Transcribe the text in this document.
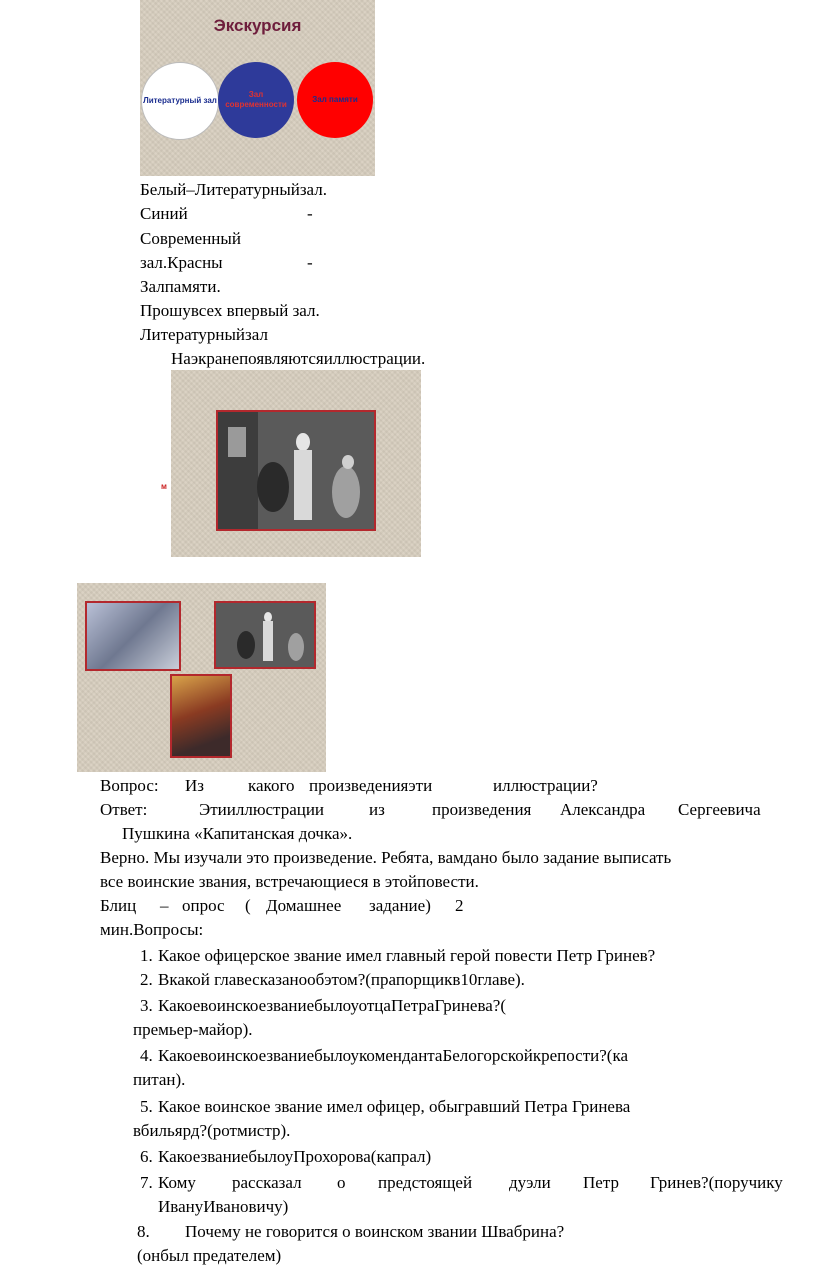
Экскурсия
Литературный зал
Зал современности
Зал памяти
Белый–Литературныйзал.
Синий	-
Современный
зал.Красны	-
Залпамяти.
Прошувсех впервый зал.
Литературныйзал
Наэкранепоявляютсяиллюстрации.
м
Вопрос: Из	какого произведенияэти	иллюстрации?
Ответ:	Этииллюстрации	из	произведения Александра Сергеевича
Пушкина «Капитанская дочка».
Верно. Мы изучали это произведение. Ребята, вамдано было задание выписать
все воинские звания, встречающиеся в этойповести.
Блиц – опрос ( Домашнее задание) 2
мин.Вопросы:
1. Какое офицерское звание имел главный герой повести Петр Гринев?
2. Вкакой главесказанообэтом?(прапорщикв10главе).
3. КакоевоинскоезваниебылоуотцаПетраГринева?(
премьер-майор).
4. КакоевоинскоезваниебылоукомендантаБелогорскойкрепости?(ка
питан).
5. Какое воинское звание имел офицер, обыгравший Петра Гринева
вбильярд?(ротмистр).
6. КакоезваниебылоуПрохорова(капрал)
7. Кому рассказал о предстоящей дуэли Петр Гринев?(поручику
ИвануИвановичу)
8. Почему не говорится о воинском звании Швабрина?
(онбыл предателем)
